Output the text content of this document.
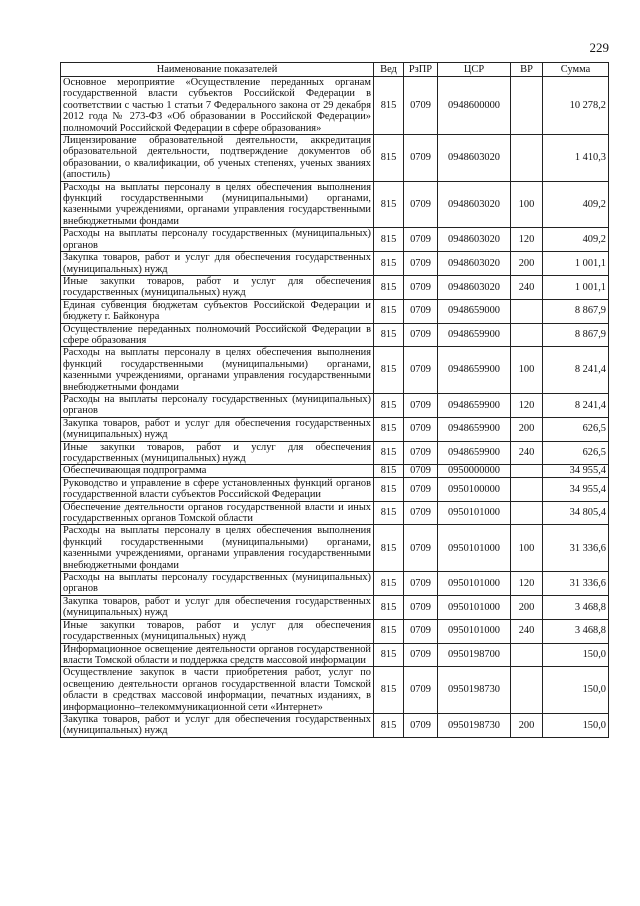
229
Наименование показателей	Вед	РзПР	ЦСР	ВР	Сумма
Основное мероприятие «Осуществление переданных органам государственной власти субъектов Российской Федерации в соответствии с частью 1 статьи 7 Федерального закона от 29 декабря 2012 года № 273-ФЗ «Об образовании в Российской Федерации» полномочий Российской Федерации в сфере образования»	815	0709	0948600000		10 278,2
Лицензирование образовательной деятельности, аккредитация образовательной деятельности, подтверждение документов об образовании, о квалификации, об ученых степенях, ученых званиях (апостиль)	815	0709	0948603020		1 410,3
Расходы на выплаты персоналу в целях обеспечения выполнения функций государственными (муниципальными) органами, казенными учреждениями, органами управления государственными внебюджетными фондами	815	0709	0948603020	100	409,2
Расходы на выплаты персоналу государственных (муниципальных) органов	815	0709	0948603020	120	409,2
Закупка товаров, работ и услуг для обеспечения государственных (муниципальных) нужд	815	0709	0948603020	200	1 001,1
Иные закупки товаров, работ и услуг для обеспечения государственных (муниципальных) нужд	815	0709	0948603020	240	1 001,1
Единая субвенция бюджетам субъектов Российской Федерации и бюджету г. Байконура	815	0709	0948659000		8 867,9
Осуществление переданных полномочий Российской Федерации в сфере образования	815	0709	0948659900		8 867,9
Расходы на выплаты персоналу в целях обеспечения выполнения функций государственными (муниципальными) органами, казенными учреждениями, органами управления государственными внебюджетными фондами	815	0709	0948659900	100	8 241,4
Расходы на выплаты персоналу государственных (муниципальных) органов	815	0709	0948659900	120	8 241,4
Закупка товаров, работ и услуг для обеспечения государственных (муниципальных) нужд	815	0709	0948659900	200	626,5
Иные закупки товаров, работ и услуг для обеспечения государственных (муниципальных) нужд	815	0709	0948659900	240	626,5
Обеспечивающая подпрограмма	815	0709	0950000000		34 955,4
Руководство и управление в сфере установленных функций органов государственной власти субъектов Российской Федерации	815	0709	0950100000		34 955,4
Обеспечение деятельности органов государственной власти и иных государственных органов Томской области	815	0709	0950101000		34 805,4
Расходы на выплаты персоналу в целях обеспечения выполнения функций государственными (муниципальными) органами, казенными учреждениями, органами управления государственными внебюджетными фондами	815	0709	0950101000	100	31 336,6
Расходы на выплаты персоналу государственных (муниципальных) органов	815	0709	0950101000	120	31 336,6
Закупка товаров, работ и услуг для обеспечения государственных (муниципальных) нужд	815	0709	0950101000	200	3 468,8
Иные закупки товаров, работ и услуг для обеспечения государственных (муниципальных) нужд	815	0709	0950101000	240	3 468,8
Информационное освещение деятельности органов государственной власти Томской области и поддержка средств массовой информации	815	0709	0950198700		150,0
Осуществление закупок в части приобретения работ, услуг по освещению деятельности органов государственной власти Томской области в средствах массовой информации, печатных изданиях, в информационно–телекоммуникационной сети «Интернет»	815	0709	0950198730		150,0
Закупка товаров, работ и услуг для обеспечения государственных (муниципальных) нужд	815	0709	0950198730	200	150,0
